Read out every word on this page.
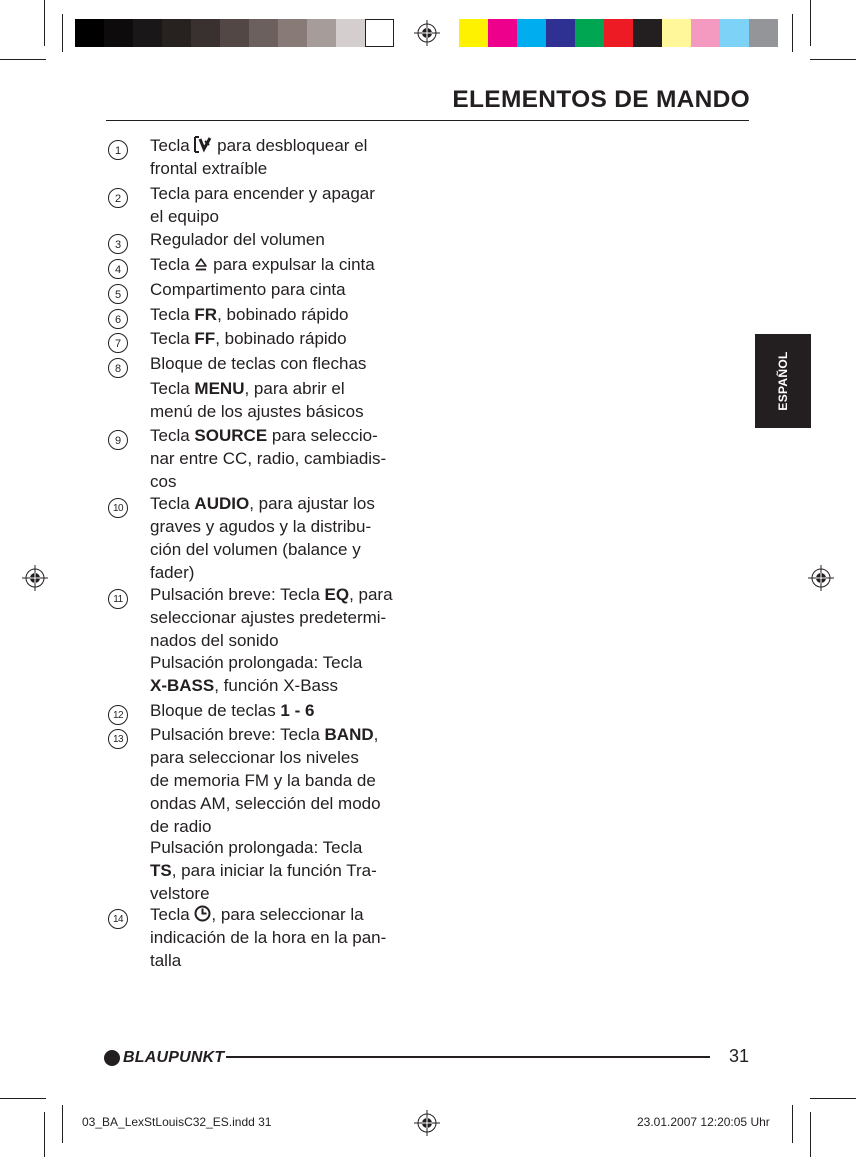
ELEMENTOS DE MANDO
1	Tecla  para desbloquear el
frontal extraíble
2	Tecla para encender y apagar
el equipo
3	Regulador del volumen
4	Tecla  para expulsar la cinta
5	Compartimento para cinta
6	Tecla FR, bobinado rápido
7	Tecla FF, bobinado rápido
8	Bloque de teclas con flechas
Tecla MENU, para abrir el
menú de los ajustes básicos
9	Tecla SOURCE para seleccio-
nar entre CC, radio, cambiadis-
cos
10 Tecla AUDIO, para ajustar los
graves y agudos y la distribu-
ción del volumen (balance y
fader)
11	Pulsación breve: Tecla EQ, para
seleccionar ajustes predetermi-
nados del sonido
Pulsación prolongada: Tecla
X-BASS, función X-Bass
12 Bloque de teclas 1 - 6
13 Pulsación breve: Tecla BAND,
para seleccionar los niveles
de memoria FM y la banda de
ondas AM, selección del modo
de radio
Pulsación prolongada: Tecla
TS, para iniciar la función Tra-
velstore
14 Tecla , para seleccionar la
indicación de la hora en la pan-
talla
ESPAÑOL
BLAUPUNKT	31
03_BA_LexStLouisC32_ES.indd 31	23.01.2007 12:20:05 Uhr
